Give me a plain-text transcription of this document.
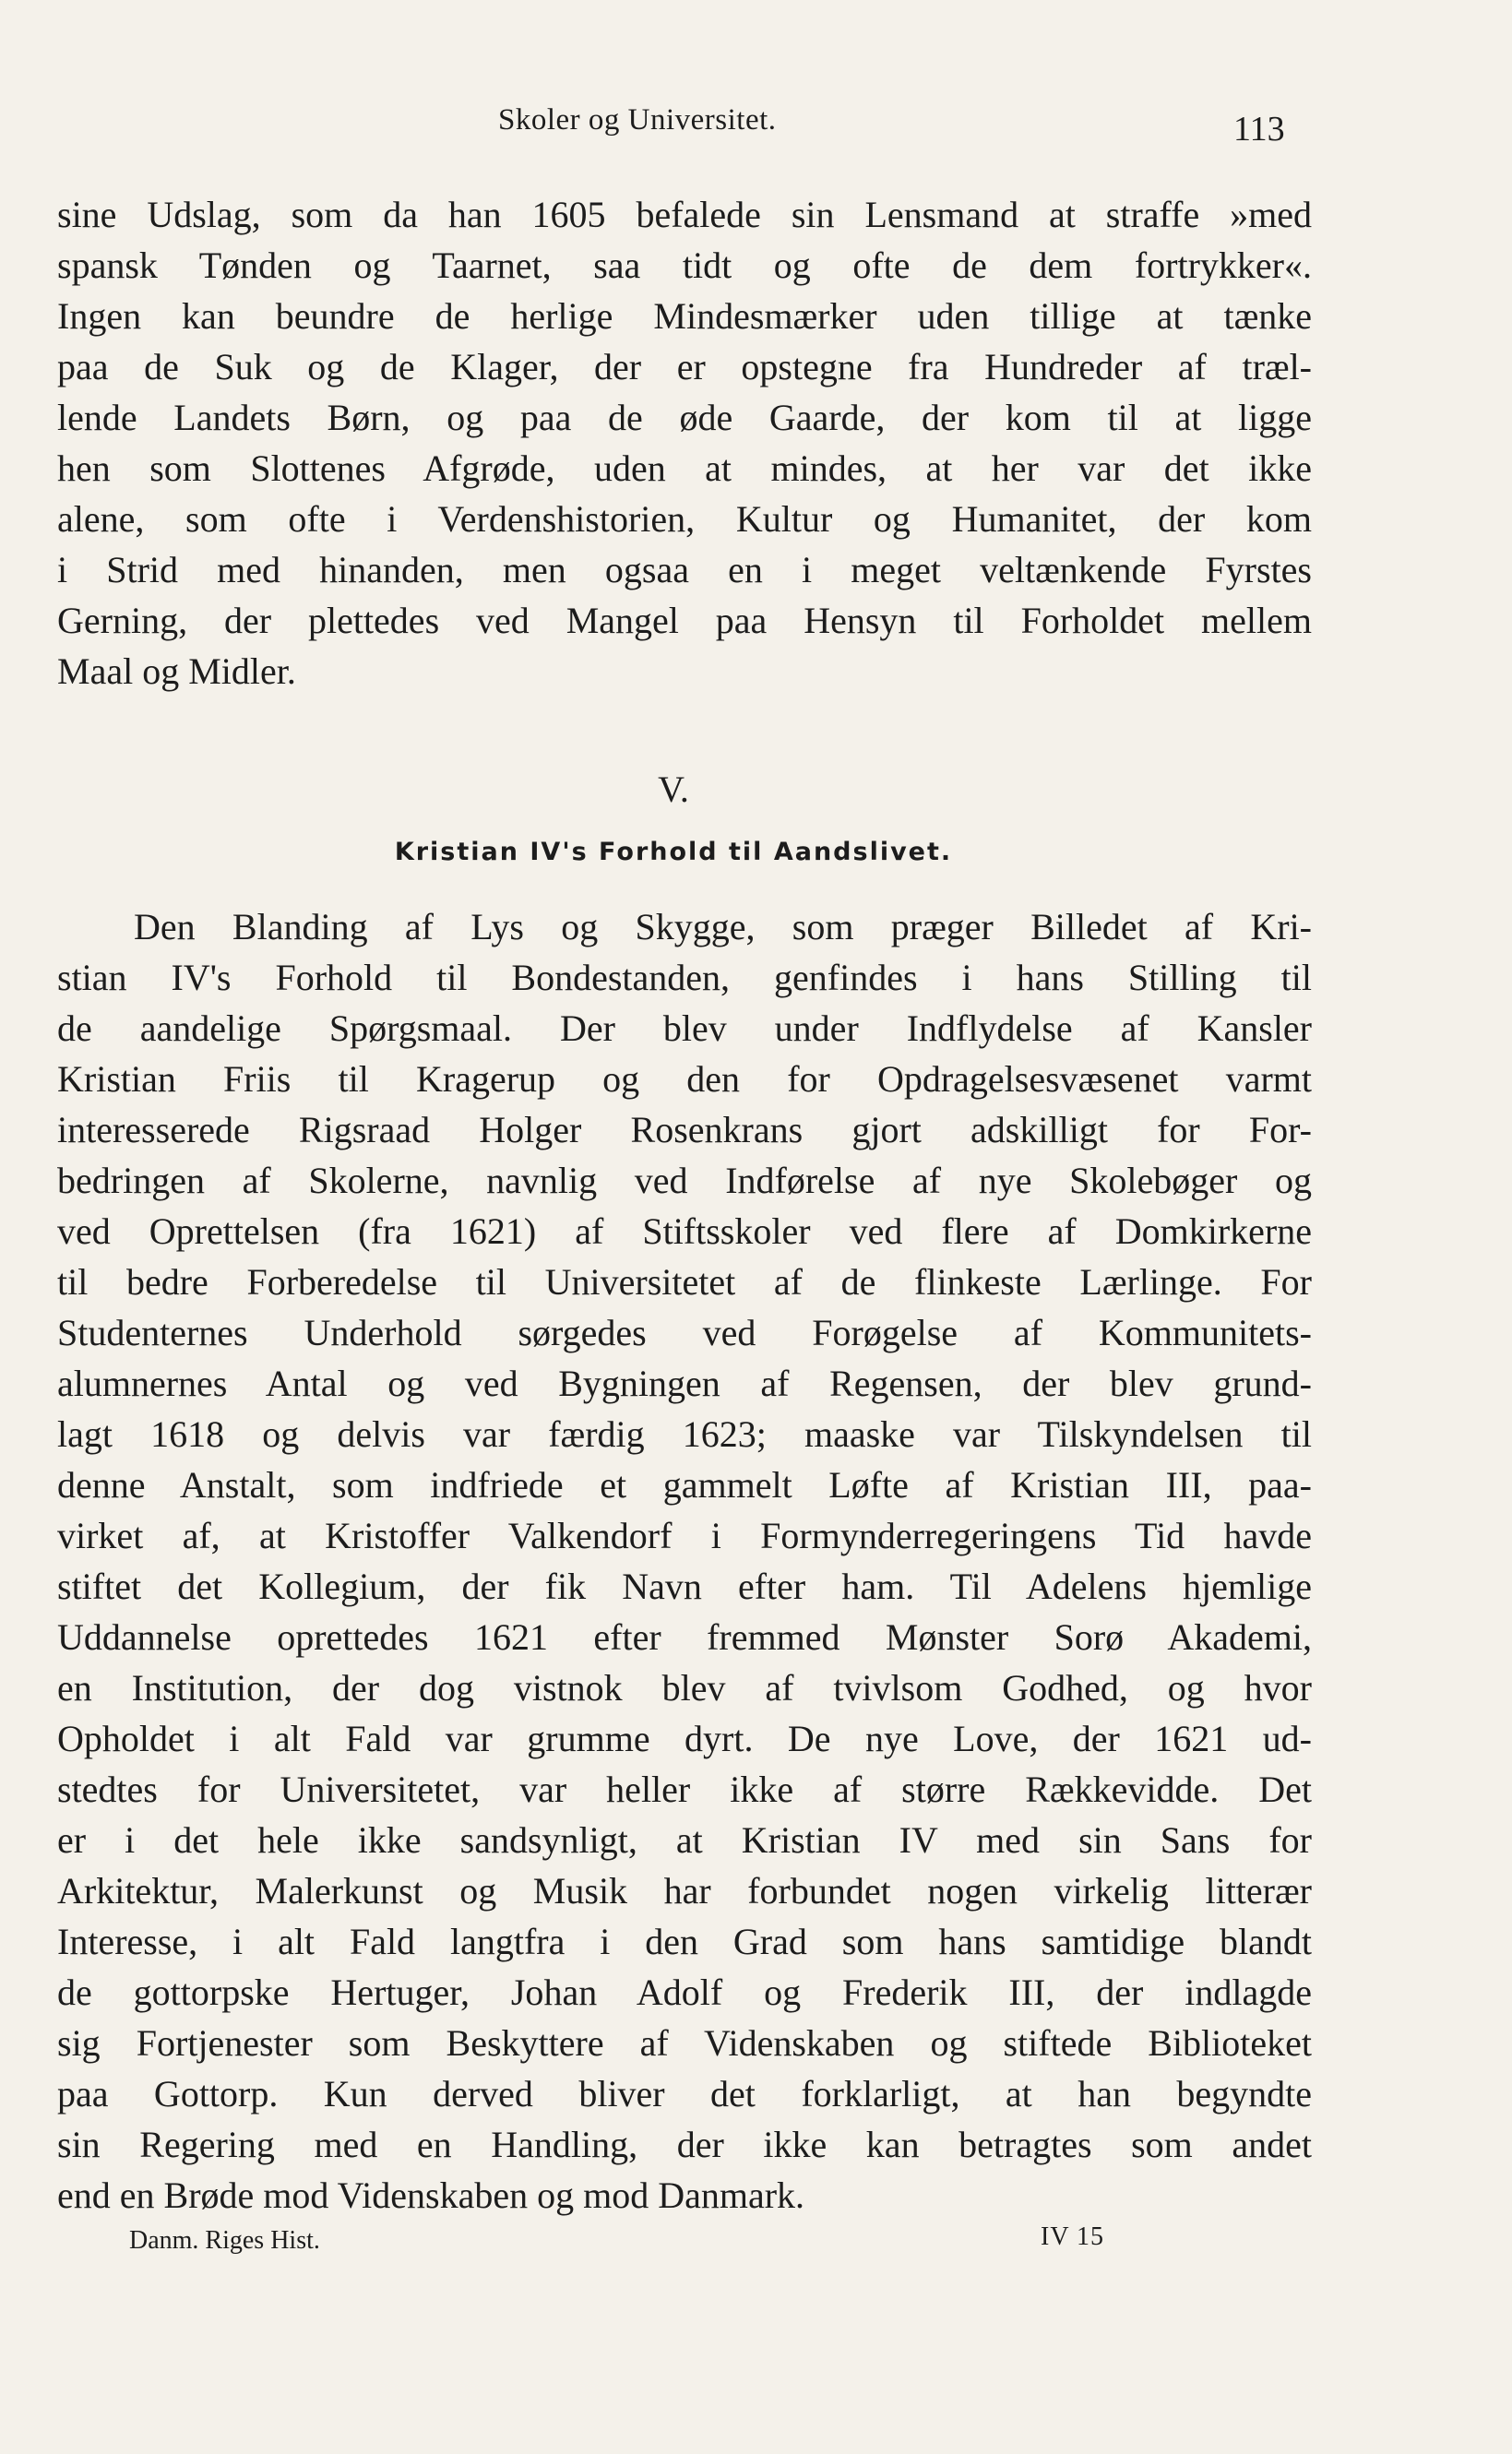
Skoler og Universitet.	113

sine Udslag, som da han 1605 befalede sin Lensmand at straffe »med
spansk Tønden og Taarnet, saa tidt og ofte de dem fortrykker«.
Ingen kan beundre de herlige Mindesmærker uden tillige at tænke
paa de Suk og de Klager, der er opstegne fra Hundreder af træl-
lende Landets Børn, og paa de øde Gaarde, der kom til at ligge
hen som Slottenes Afgrøde, uden at mindes, at her var det ikke
alene, som ofte i Verdenshistorien, Kultur og Humanitet, der kom
i Strid med hinanden, men ogsaa en i meget veltænkende Fyrstes
Gerning, der plettedes ved Mangel paa Hensyn til Forholdet mellem
Maal og Midler.

V.
Kristian IV's Forhold til Aandslivet.

Den Blanding af Lys og Skygge, som præger Billedet af Kri-
stian IV's Forhold til Bondestanden, genfindes i hans Stilling til
de aandelige Spørgsmaal. Der blev under Indflydelse af Kansler
Kristian Friis til Kragerup og den for Opdragelsesvæsenet varmt
interesserede Rigsraad Holger Rosenkrans gjort adskilligt for For-
bedringen af Skolerne, navnlig ved Indførelse af nye Skolebøger og
ved Oprettelsen (fra 1621) af Stiftsskoler ved flere af Domkirkerne
til bedre Forberedelse til Universitetet af de flinkeste Lærlinge. For
Studenternes Underhold sørgedes ved Forøgelse af Kommunitets-
alumnernes Antal og ved Bygningen af Regensen, der blev grund-
lagt 1618 og delvis var færdig 1623; maaske var Tilskyndelsen til
denne Anstalt, som indfriede et gammelt Løfte af Kristian III, paa-
virket af, at Kristoffer Valkendorf i Formynderregeringens Tid havde
stiftet det Kollegium, der fik Navn efter ham. Til Adelens hjemlige
Uddannelse oprettedes 1621 efter fremmed Mønster Sorø Akademi,
en Institution, der dog vistnok blev af tvivlsom Godhed, og hvor
Opholdet i alt Fald var grumme dyrt. De nye Love, der 1621 ud-
stedtes for Universitetet, var heller ikke af større Rækkevidde. Det
er i det hele ikke sandsynligt, at Kristian IV med sin Sans for
Arkitektur, Malerkunst og Musik har forbundet nogen virkelig litterær
Interesse, i alt Fald langtfra i den Grad som hans samtidige blandt
de gottorpske Hertuger, Johan Adolf og Frederik III, der indlagde
sig Fortjenester som Beskyttere af Videnskaben og stiftede Biblioteket
paa Gottorp. Kun derved bliver det forklarligt, at han begyndte
sin Regering med en Handling, der ikke kan betragtes som andet
end en Brøde mod Videnskaben og mod Danmark.

Danm. Riges Hist.	IV 15
